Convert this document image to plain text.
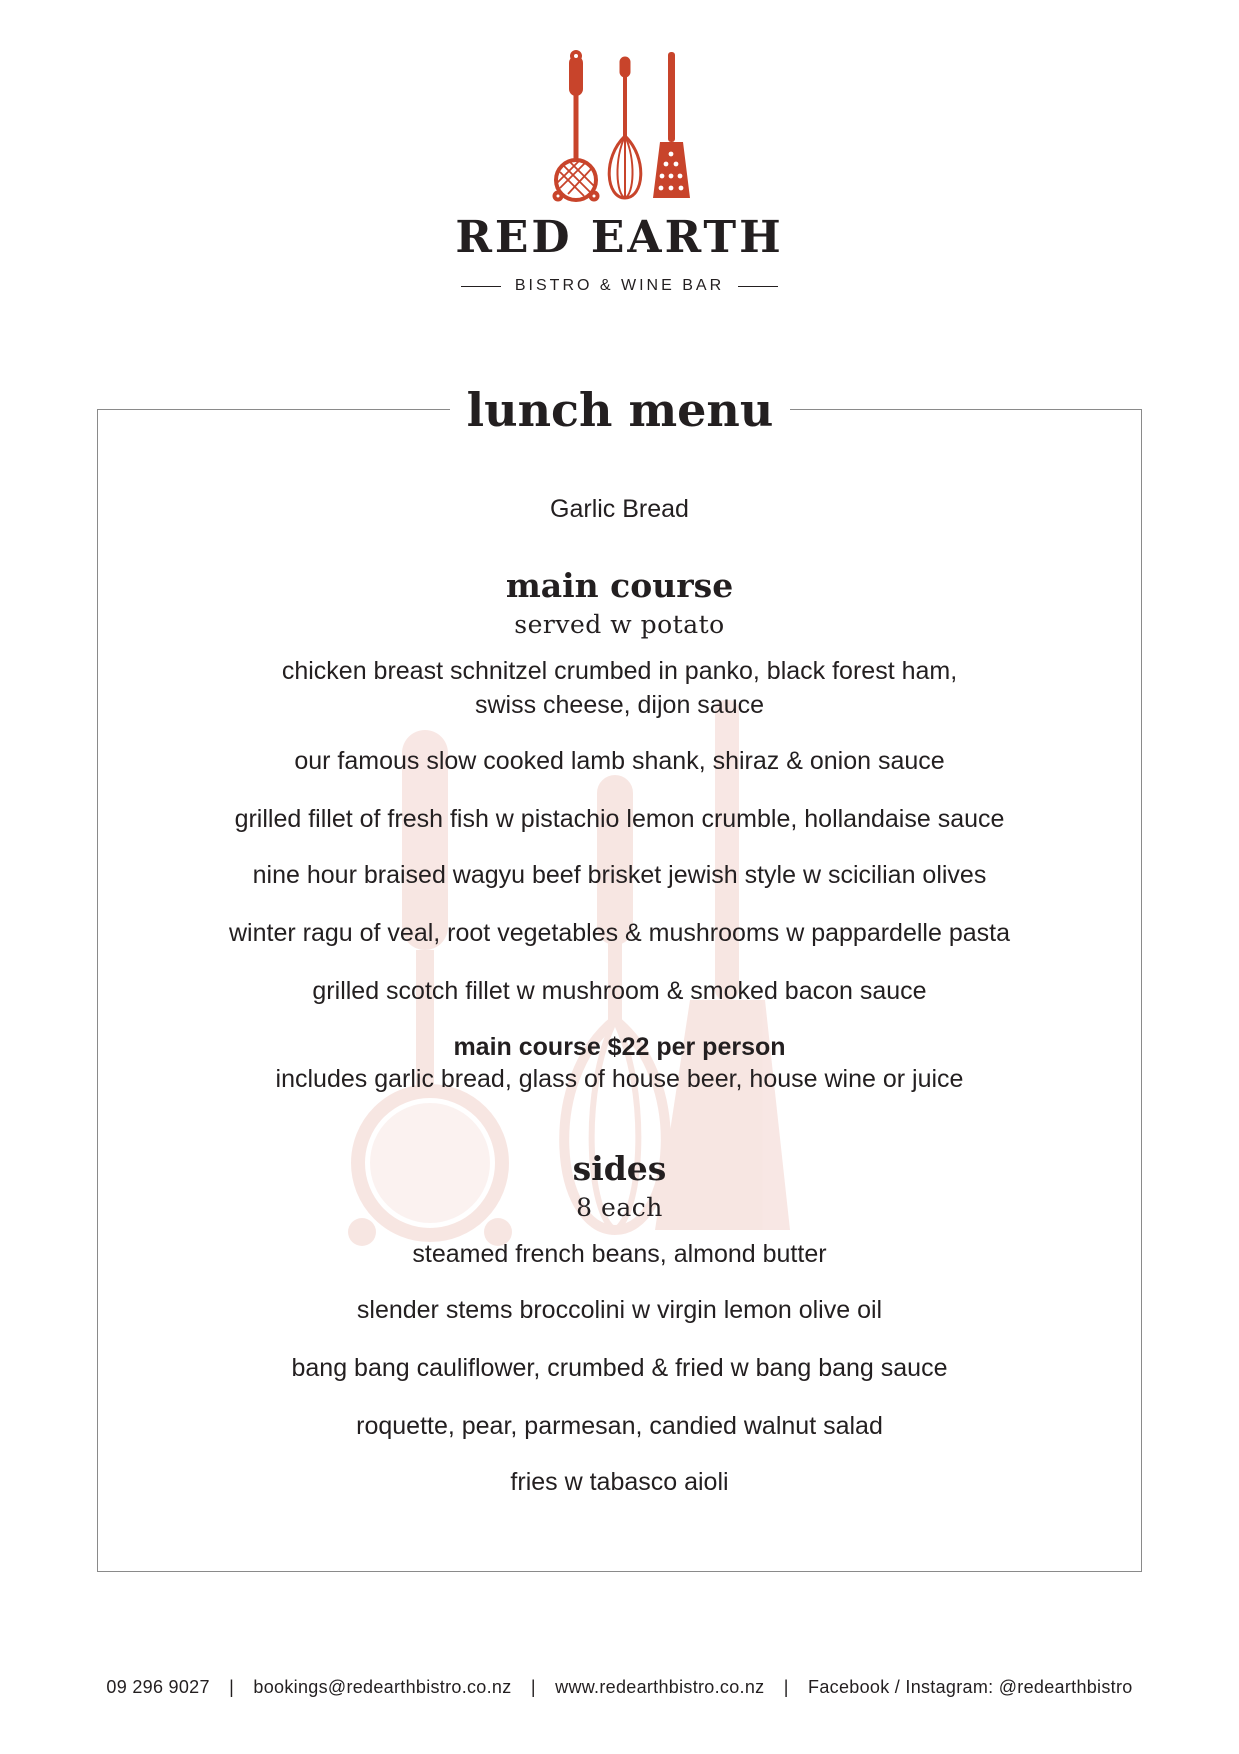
RED EARTH
BISTRO & WINE BAR
lunch menu
Garlic Bread
main course
served w potato
chicken breast schnitzel crumbed in panko, black forest ham,
swiss cheese, dijon sauce
our famous slow cooked lamb shank, shiraz & onion sauce
grilled fillet of fresh fish w pistachio lemon crumble, hollandaise sauce
nine hour braised wagyu beef brisket jewish style w scicilian olives
winter ragu of veal, root vegetables & mushrooms w pappardelle pasta
grilled scotch fillet w mushroom & smoked bacon sauce
main course $22 per person
includes garlic bread, glass of house beer, house wine or juice
sides
8 each
steamed french beans, almond butter
slender stems broccolini w virgin lemon olive oil
bang bang cauliflower, crumbed & fried w bang bang sauce
roquette, pear, parmesan, candied walnut salad
fries w tabasco aioli
09 296 9027 | bookings@redearthbistro.co.nz | www.redearthbistro.co.nz | Facebook / Instagram: @redearthbistro
